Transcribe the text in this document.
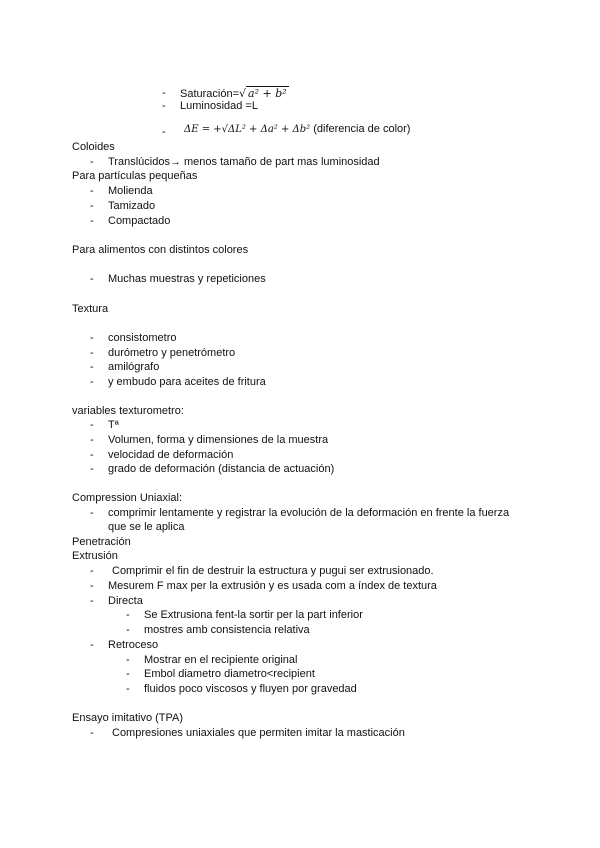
- Saturación=√ a² + b²
- Luminosidad =L
- ΔE = +√ΔL² + Δa² + Δb² (diferencia de color)
Coloides
- Translúcidos→ menos tamaño de part mas luminosidad
Para partículas pequeñas
- Molienda
- Tamizado
- Compactado
Para alimentos con distintos colores
- Muchas muestras y repeticiones
Textura
- consistometro
- durómetro y penetrómetro
- amilógrafo
- y embudo para aceites de fritura
variables texturometro:
- Tª
- Volumen, forma y dimensiones de la muestra
- velocidad de deformación
- grado de deformación (distancia de actuación)
Compression Uniaxial:
- comprimir lentamente y registrar la evolución de la deformación en frente la fuerza
que se le aplica
Penetración
Extrusión
- Comprimir el fin de destruir la estructura y pugui ser extrusionado.
- Mesurem F max per la extrusión y es usada com a índex de textura
- Directa
- Se Extrusiona fent-la sortir per la part inferior
- mostres amb consistencia relativa
- Retroceso
- Mostrar en el recipiente original
- Embol diametro diametro<recipient
- fluidos poco viscosos y fluyen por gravedad
Ensayo imitativo (TPA)
- Compresiones uniaxiales que permiten imitar la masticación
